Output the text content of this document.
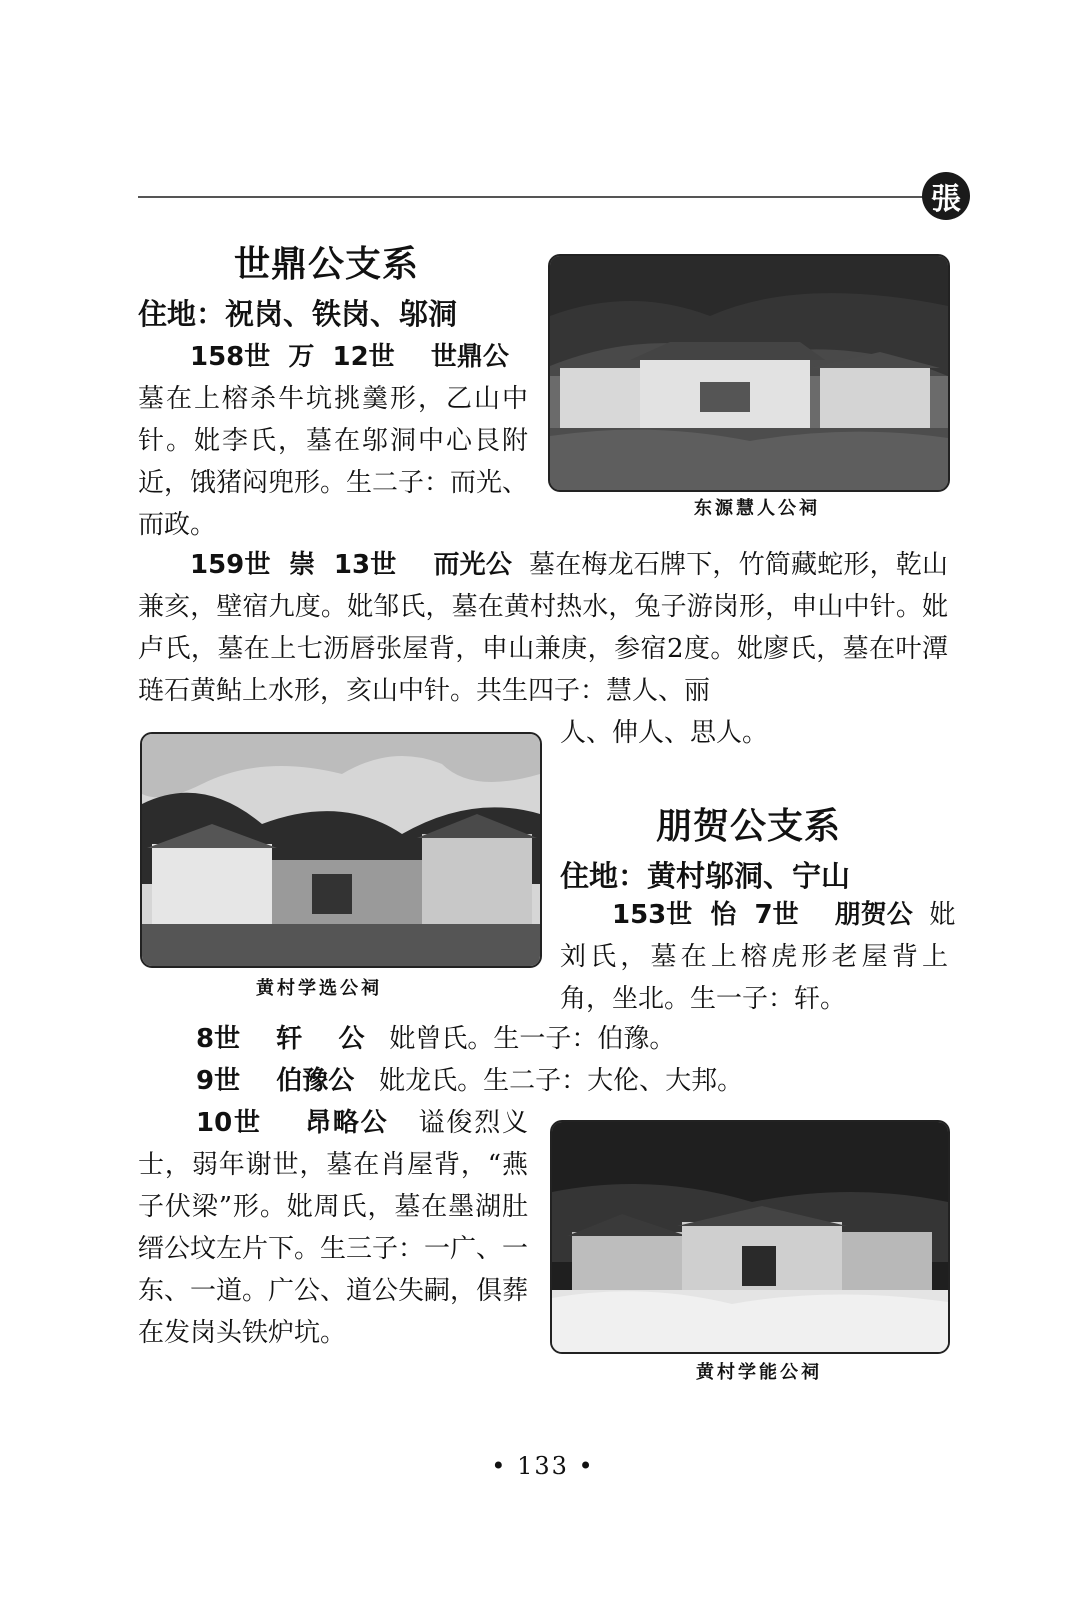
張
世鼎公支系
住地：祝岗、铁岗、邬洞

158世  万  12世    世鼎公
墓在上榕杀牛坑挑羹形，乙山中针。妣李氏，墓在邬洞中心艮附近，饿猪闷兜形。生二子：而光、而政。

159世  崇  13世    而光公 墓在梅龙石牌下，竹简藏蛇形，乾山兼亥，壁宿九度。妣邹氏，墓在黄村热水，兔子游岗形，申山中针。妣卢氏，墓在上七沥唇张屋背，申山兼庚，参宿2度。妣廖氏，墓在叶潭琏石黄鲇上水形，亥山中针。共生四子：慧人、丽

人、伸人、思人。
东源慧人公祠
黄村学选公祠
朋贺公支系
住地：黄村邬洞、宁山

153世  怡  7世    朋贺公 妣刘氏，墓在上榕虎形老屋背上角，坐北。生一子：轩。

8世    轩    公 妣曾氏。生一子：伯豫。

9世    伯豫公 妣龙氏。生二子：大伦、大邦。

10世    昂略公 谥俊烈义士，弱年谢世，墓在肖屋背，“燕子伏梁”形。妣周氏，墓在墨湖肚缙公坟左片下。生三子：一广、一东、一道。广公、道公失嗣，俱葬在发岗头铁炉坑。

黄村学能公祠
• 133 •
